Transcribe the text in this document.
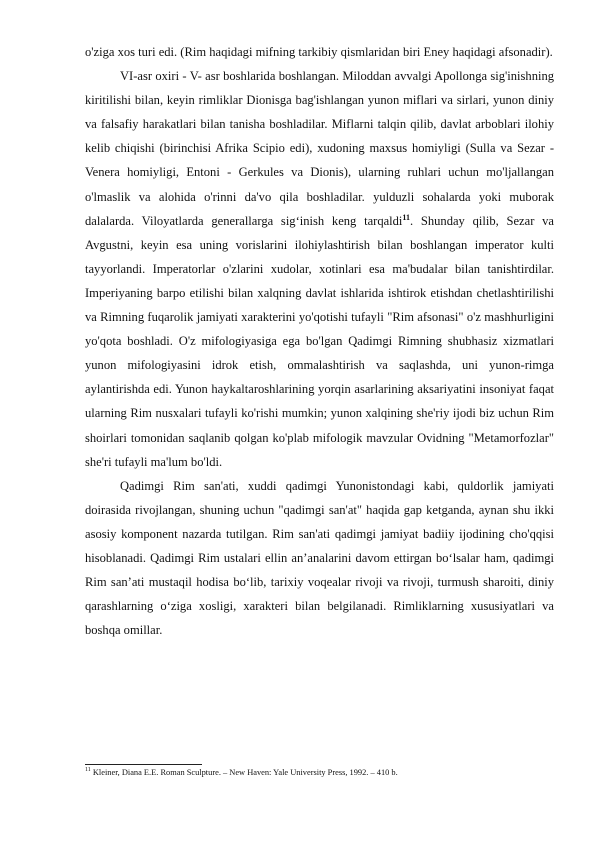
o'ziga xos turi edi. (Rim haqidagi mifning tarkibiy qismlaridan biri Eney haqidagi afsonadir).

VI-asr oxiri - V- asr boshlarida boshlangan. Miloddan avvalgi Apollonga sig'inishning kiritilishi bilan, keyin rimliklar Dionisga bag'ishlangan yunon miflari va sirlari, yunon diniy va falsafiy harakatlari bilan tanisha boshladilar. Miflarni talqin qilib, davlat arboblari ilohiy kelib chiqishi (birinchisi Afrika Scipio edi), xudoning maxsus homiyligi (Sulla va Sezar - Venera homiyligi, Entoni - Gerkules va Dionis), ularning ruhlari uchun mo'ljallangan o'lmaslik va alohida o'rinni da'vo qila boshladilar. yulduzli sohalarda yoki muborak dalalarda. Viloyatlarda generallarga sig‘inish keng tarqaldi$^{11}$. Shunday qilib, Sezar va Avgustni, keyin esa uning vorislarini ilohiylashtirish bilan boshlangan imperator kulti tayyorlandi. Imperatorlar o'zlarini xudolar, xotinlari esa ma'budalar bilan tanishtirdilar. Imperiyaning barpo etilishi bilan xalqning davlat ishlarida ishtirok etishdan chetlashtirilishi va Rimning fuqarolik jamiyati xarakterini yo'qotishi tufayli "Rim afsonasi" o'z mashhurligini yo'qota boshladi. O'z mifologiyasiga ega bo'lgan Qadimgi Rimning shubhasiz xizmatlari yunon mifologiyasini idrok etish, ommalashtirish va saqlashda, uni yunon-rimga aylantirishda edi. Yunon haykaltaroshlarining yorqin asarlarining aksariyatini insoniyat faqat ularning Rim nusxalari tufayli ko'rishi mumkin; yunon xalqining she'riy ijodi biz uchun Rim shoirlari tomonidan saqlanib qolgan ko'plab mifologik mavzular Ovidning "Metamorfozlar" she'ri tufayli ma'lum bo'ldi.

Qadimgi Rim san'ati, xuddi qadimgi Yunonistondagi kabi, quldorlik jamiyati doirasida rivojlangan, shuning uchun "qadimgi san'at" haqida gap ketganda, aynan shu ikki asosiy komponent nazarda tutilgan. Rim san'ati qadimgi jamiyat badiiy ijodining cho'qqisi hisoblanadi. Qadimgi Rim ustalari ellin an’analarini davom ettirgan bo‘lsalar ham, qadimgi Rim san’ati mustaqil hodisa bo‘lib, tarixiy voqealar rivoji va rivoji, turmush sharoiti, diniy qarashlarning o‘ziga xosligi, xarakteri bilan belgilanadi. Rimliklarning xususiyatlari va boshqa omillar.

$^{11}$ Kleiner, Diana E.E. Roman Sculpture. – New Haven: Yale University Press, 1992. – 410 b.
